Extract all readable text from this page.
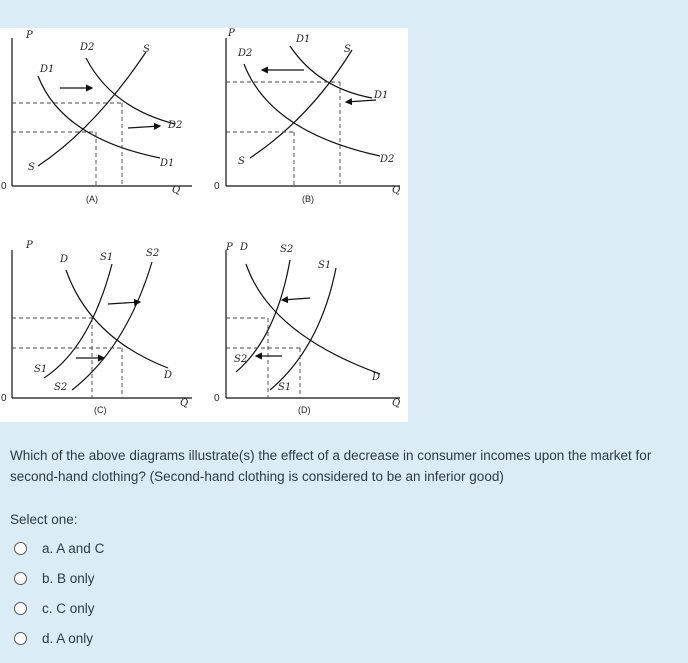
P
Q
0
D2	S
D1
S
D2
D1
(A)
P
Q
0
D2
D1
S
D1
S	D2
(B)
P
Q
0
D	S1	S2
D
S1
S2
(C)
P
Q
0
D	S2
S1
D
S2
S1
(D)
Which of the above diagrams illustrate(s) the effect of a decrease in consumer incomes upon the market for second-hand clothing? (Second-hand clothing is considered to be an inferior good)
Select one:
a. A and C
b. B only
c. C only
d. A only
